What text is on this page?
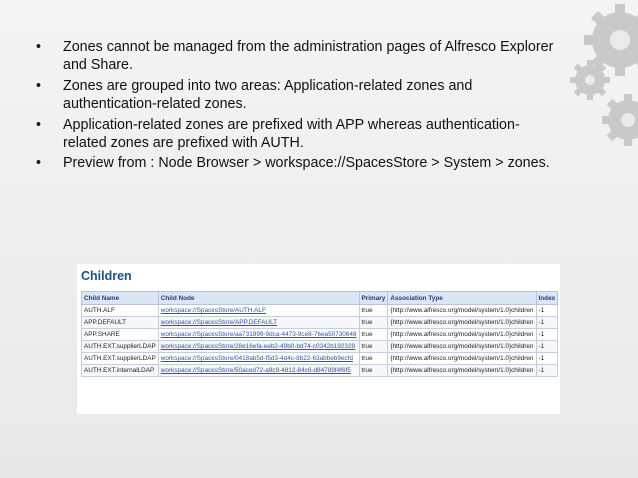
• Zones cannot be managed from the administration pages of Alfresco Explorer and Share.
• Zones are grouped into two areas: Application-related zones and authentication-related zones.
• Application-related zones are prefixed with APP whereas authentication-related zones are prefixed with AUTH.
• Preview from : Node Browser > workspace://SpacesStore > System > zones.
Children
Child Name	Child Node	Primary	Association Type	Index
AUTH.ALF	workspace://SpacesStore/AUTH.ALF	true	{http://www.alfresco.org/model/system/1.0}children	-1
APP.DEFAULT	workspace://SpacesStore/APP.DEFAULT	true	{http://www.alfresco.org/model/system/1.0}children	-1
APP.SHARE	workspace://SpacesStore/aa731999-9dca-4473-9ce8-76ea50730648	true	{http://www.alfresco.org/model/system/1.0}children	-1
AUTH.EXT.supplierLDAP	workspace://SpacesStore/28e16efa-eeb2-49b0-bd74-c0342b192329	true	{http://www.alfresco.org/model/system/1.0}children	-1
AUTH.EXT.supplierLDAP	workspace://SpacesStore/0418ab5d-f5d3-4d4c-8b22-63abbeb9ecfd	true	{http://www.alfresco.org/model/system/1.0}children	-1
AUTH.EXT.internalLDAP	workspace://SpacesStore/50aced72-a9c9-4812-84c6-d84789f4f6f5	true	{http://www.alfresco.org/model/system/1.0}children	-1
